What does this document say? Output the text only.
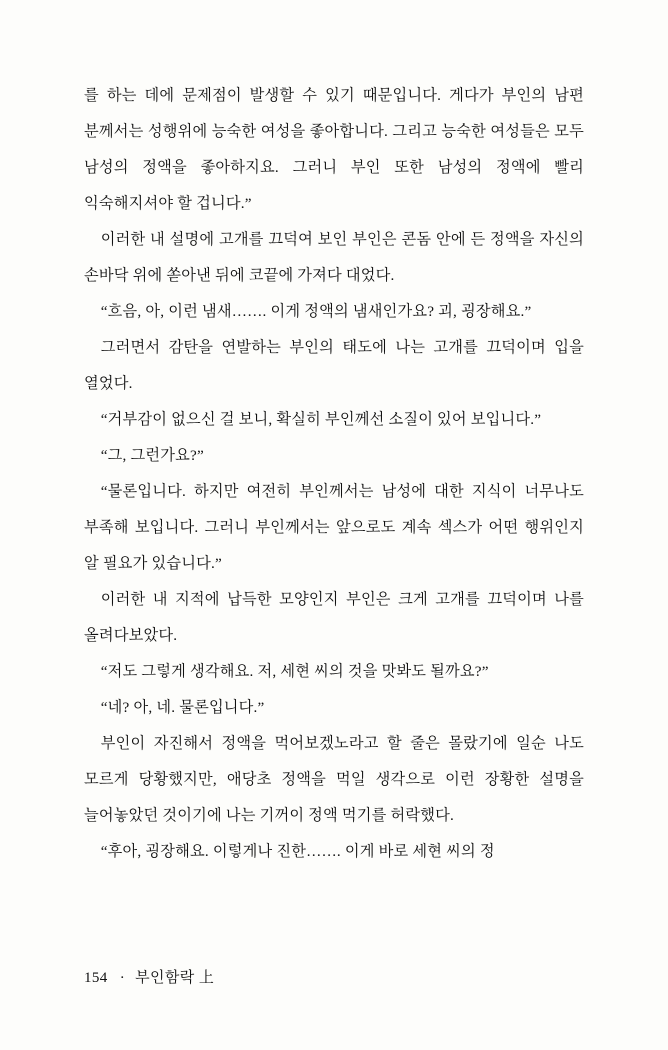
를 하는 데에 문제점이 발생할 수 있기 때문입니다. 게다가 부인의 남편 분께서는 성행위에 능숙한 여성을 좋아합니다. 그리고 능숙한 여성들은 모두 남성의 정액을 좋아하지요. 그러니 부인 또한 남성의 정액에 빨리 익숙해지셔야 할 겁니다.”

이러한 내 설명에 고개를 끄덕여 보인 부인은 콘돔 안에 든 정액을 자신의 손바닥 위에 쏟아낸 뒤에 코끝에 가져다 대었다.

“흐음, 아, 이런 냄새……. 이게 정액의 냄새인가요? 괴, 굉장해요.”

그러면서 감탄을 연발하는 부인의 태도에 나는 고개를 끄덕이며 입을 열었다.

“거부감이 없으신 걸 보니, 확실히 부인께선 소질이 있어 보입니다.”

“그, 그런가요?”

“물론입니다. 하지만 여전히 부인께서는 남성에 대한 지식이 너무나도 부족해 보입니다. 그러니 부인께서는 앞으로도 계속 섹스가 어떤 행위인지 알 필요가 있습니다.”

이러한 내 지적에 납득한 모양인지 부인은 크게 고개를 끄덕이며 나를 올려다보았다.

“저도 그렇게 생각해요. 저, 세현 씨의 것을 맛봐도 될까요?”

“네? 아, 네. 물론입니다.”

부인이 자진해서 정액을 먹어보겠노라고 할 줄은 몰랐기에 일순 나도 모르게 당황했지만, 애당초 정액을 먹일 생각으로 이런 장황한 설명을 늘어놓았던 것이기에 나는 기꺼이 정액 먹기를 허락했다.

“후아, 굉장해요. 이렇게나 진한……. 이게 바로 세현 씨의 정

154 · 부인함락 上
